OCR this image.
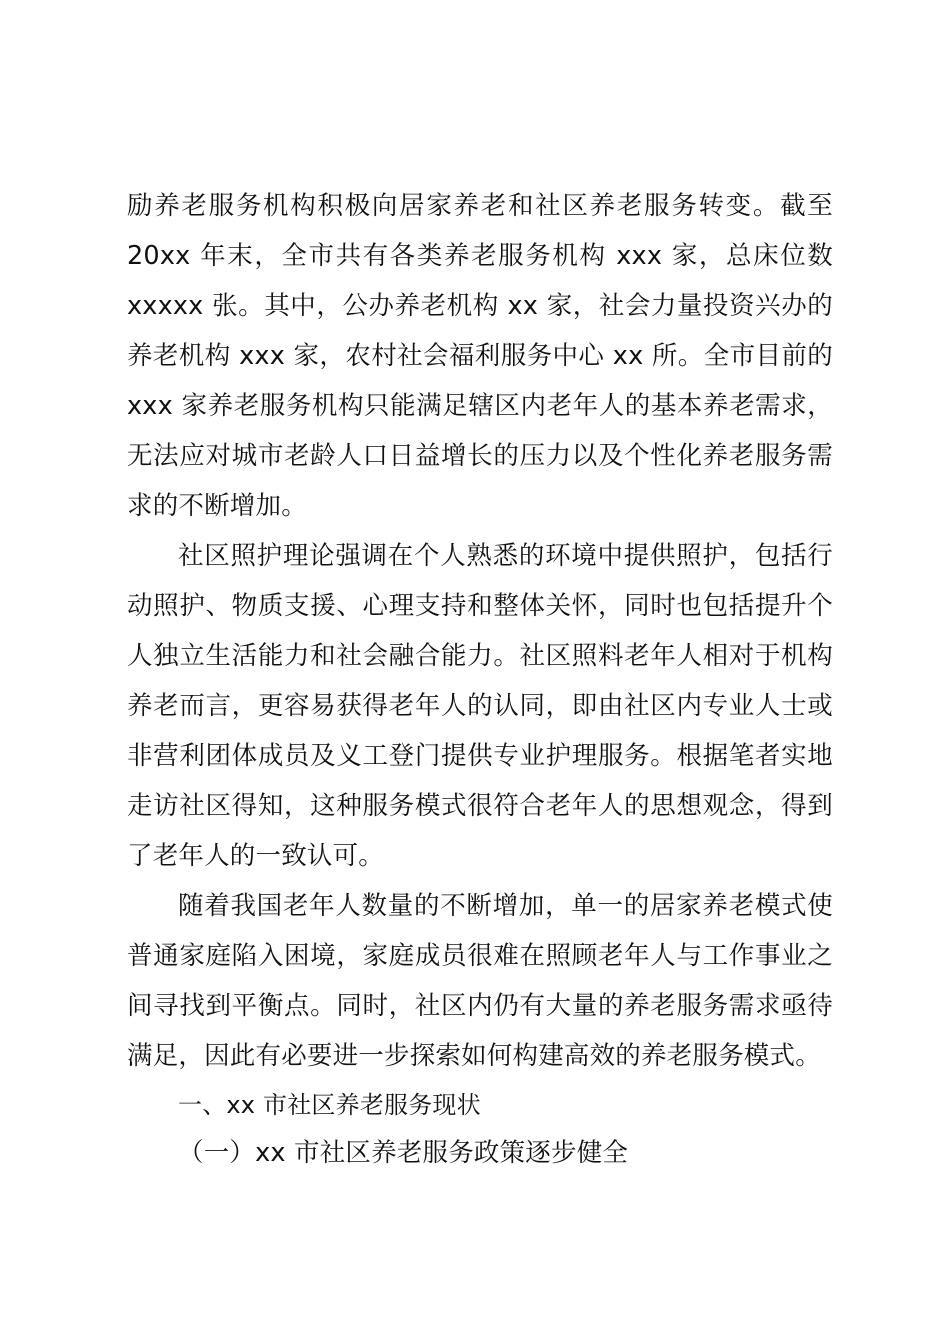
励养老服务机构积极向居家养老和社区养老服务转变。截至
20xx 年末，全市共有各类养老服务机构 xxx 家，总床位数
xxxxx 张。其中，公办养老机构 xx 家，社会力量投资兴办的
养老机构 xxx 家，农村社会福利服务中心 xx 所。全市目前的
xxx 家养老服务机构只能满足辖区内老年人的基本养老需求，
无法应对城市老龄人口日益增长的压力以及个性化养老服务需
求的不断增加。
社区照护理论强调在个人熟悉的环境中提供照护，包括行
动照护、物质支援、心理支持和整体关怀，同时也包括提升个
人独立生活能力和社会融合能力。社区照料老年人相对于机构
养老而言，更容易获得老年人的认同，即由社区内专业人士或
非营利团体成员及义工登门提供专业护理服务。根据笔者实地
走访社区得知，这种服务模式很符合老年人的思想观念，得到
了老年人的一致认可。
随着我国老年人数量的不断增加，单一的居家养老模式使
普通家庭陷入困境，家庭成员很难在照顾老年人与工作事业之
间寻找到平衡点。同时，社区内仍有大量的养老服务需求亟待
满足，因此有必要进一步探索如何构建高效的养老服务模式。
一、xx 市社区养老服务现状
（一）xx 市社区养老服务政策逐步健全
